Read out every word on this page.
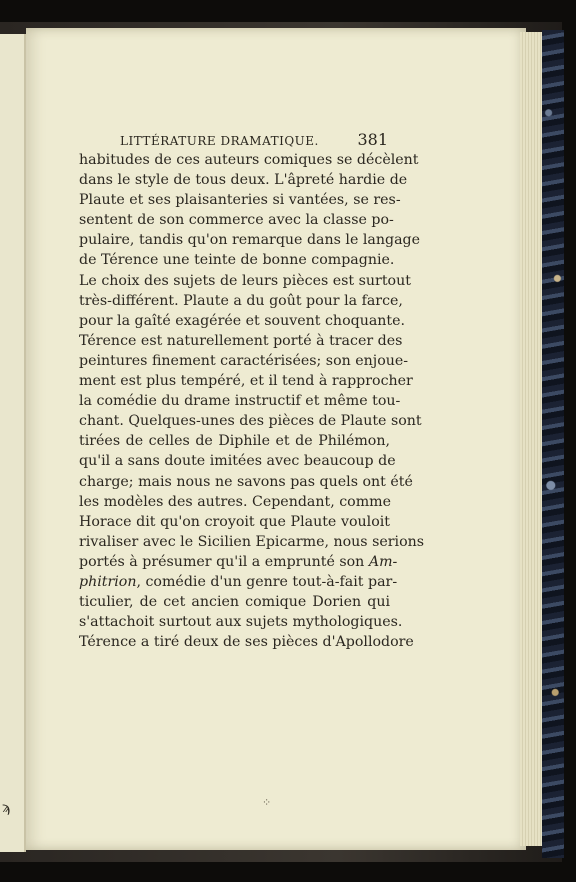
LITTÉRATURE DRAMATIQUE. 381
habitudes de ces auteurs comiques se décèlent
dans le style de tous deux. L'âpreté hardie de
Plaute et ses plaisanteries si vantées, se res-
sentent de son commerce avec la classe po-
pulaire, tandis qu'on remarque dans le langage
de Térence une teinte de bonne compagnie.
Le choix des sujets de leurs pièces est surtout
très-différent. Plaute a du goût pour la farce,
pour la gaîté exagérée et souvent choquante.
Térence est naturellement porté à tracer des
peintures finement caractérisées; son enjoue-
ment est plus tempéré, et il tend à rapprocher
la comédie du drame instructif et même tou-
chant. Quelques-unes des pièces de Plaute sont
tirées de celles de Diphile et de Philémon,
qu'il a sans doute imitées avec beaucoup de
charge; mais nous ne savons pas quels ont été
les modèles des autres. Cependant, comme
Horace dit qu'on croyoit que Plaute vouloit
rivaliser avec le Sicilien Epicarme, nous serions
portés à présumer qu'il a emprunté son Am-
phitrion, comédie d'un genre tout-à-fait par-
ticulier, de cet ancien comique Dorien qui
s'attachoit surtout aux sujets mythologiques.
Térence a tiré deux de ses pièces d'Apollodore
⁘
ϡ
